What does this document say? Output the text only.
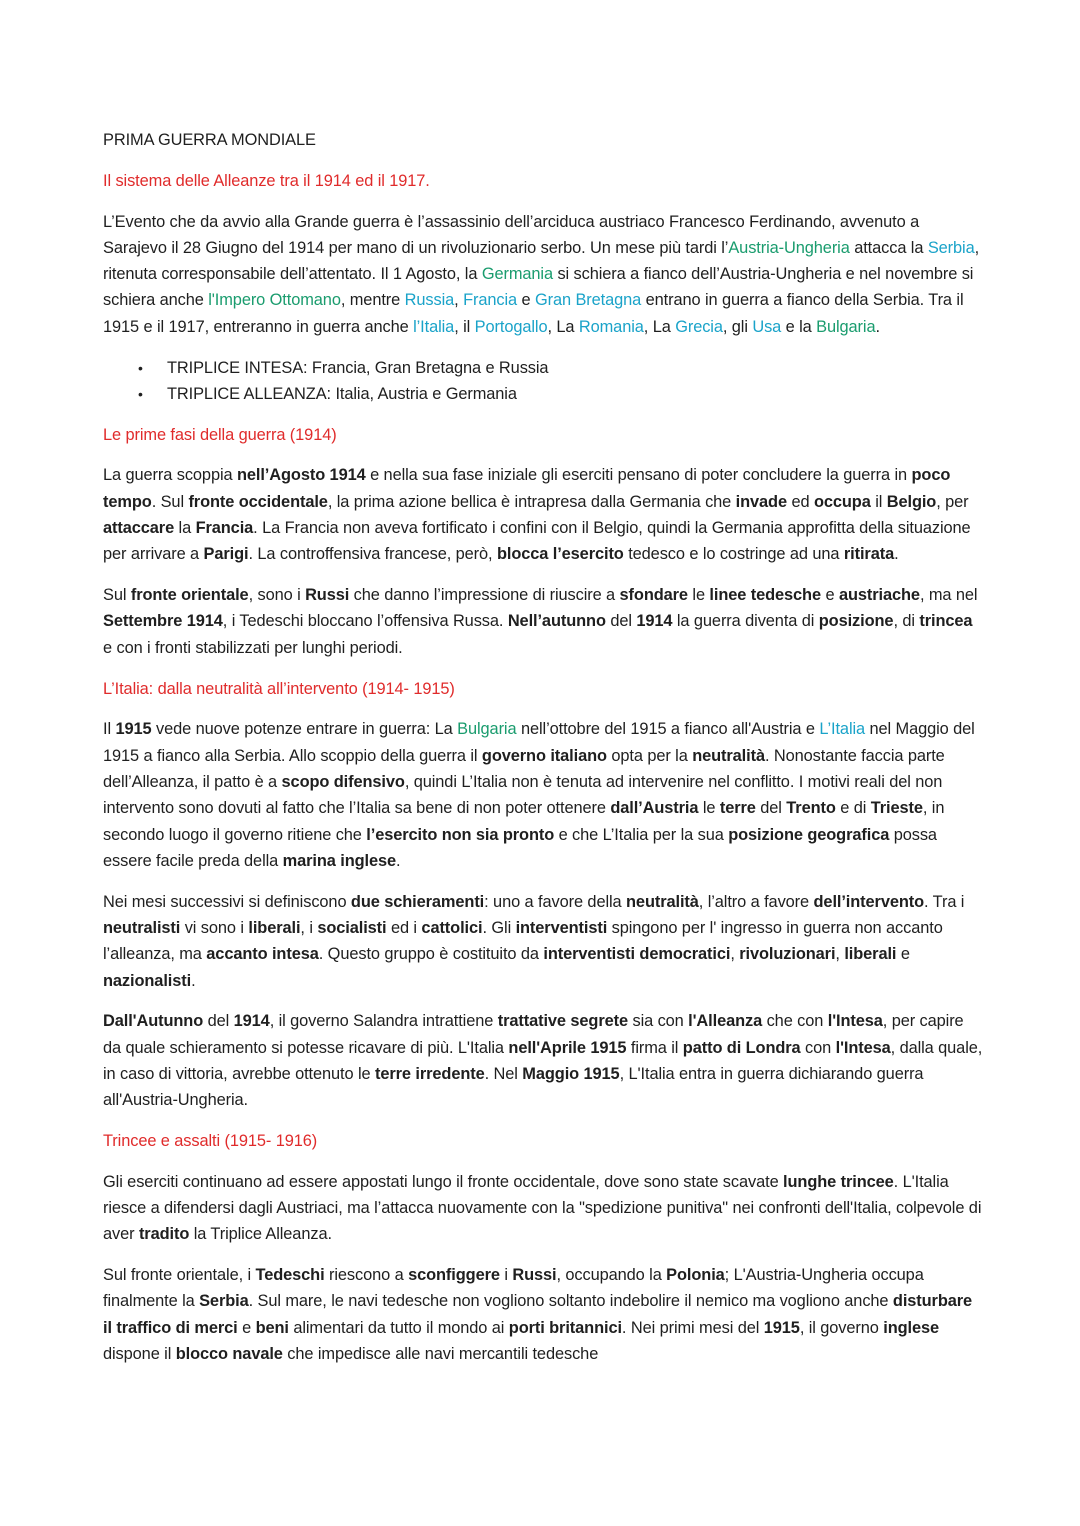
PRIMA GUERRA MONDIALE

Il sistema delle Alleanze tra il 1914 ed il 1917.

L’Evento che da avvio alla Grande guerra è l’assassinio dell’arciduca austriaco Francesco Ferdinando, avvenuto a Sarajevo il 28 Giugno del 1914 per mano di un rivoluzionario serbo. Un mese più tardi l’Austria-Ungheria attacca la Serbia, ritenuta corresponsabile dell’attentato. Il 1 Agosto, la Germania si schiera a fianco dell’Austria-Ungheria e nel novembre si schiera anche l'Impero Ottomano, mentre Russia, Francia e Gran Bretagna entrano in guerra a fianco della Serbia. Tra il 1915 e il 1917, entreranno in guerra anche l’Italia, il Portogallo, La Romania, La Grecia, gli Usa e la Bulgaria.

• TRIPLICE INTESA: Francia, Gran Bretagna e Russia
• TRIPLICE ALLEANZA: Italia, Austria e Germania

Le prime fasi della guerra (1914)

La guerra scoppia nell’Agosto 1914 e nella sua fase iniziale gli eserciti pensano di poter concludere la guerra in poco tempo. Sul fronte occidentale, la prima azione bellica è intrapresa dalla Germania che invade ed occupa il Belgio, per attaccare la Francia. La Francia non aveva fortificato i confini con il Belgio, quindi la Germania approfitta della situazione per arrivare a Parigi. La controffensiva francese, però, blocca l’esercito tedesco e lo costringe ad una ritirata.

Sul fronte orientale, sono i Russi che danno l’impressione di riuscire a sfondare le linee tedesche e austriache, ma nel Settembre 1914, i Tedeschi bloccano l’offensiva Russa. Nell’autunno del 1914 la guerra diventa di posizione, di trincea e con i fronti stabilizzati per lunghi periodi.

L’Italia: dalla neutralità all’intervento (1914- 1915)

Il 1915 vede nuove potenze entrare in guerra: La Bulgaria nell’ottobre del 1915 a fianco all'Austria e L’Italia nel Maggio del 1915 a fianco alla Serbia. Allo scoppio della guerra il governo italiano opta per la neutralità. Nonostante faccia parte dell’Alleanza, il patto è a scopo difensivo, quindi L’Italia non è tenuta ad intervenire nel conflitto. I motivi reali del non intervento sono dovuti al fatto che l’Italia sa bene di non poter ottenere dall’Austria le terre del Trento e di Trieste, in secondo luogo il governo ritiene che l’esercito non sia pronto e che L’Italia per la sua posizione geografica possa essere facile preda della marina inglese.

Nei mesi successivi si definiscono due schieramenti: uno a favore della neutralità, l’altro a favore dell’intervento. Tra i neutralisti vi sono i liberali, i socialisti ed i cattolici. Gli interventisti spingono per l' ingresso in guerra non accanto l’alleanza, ma accanto intesa. Questo gruppo è costituito da interventisti democratici, rivoluzionari, liberali e nazionalisti.

Dall'Autunno del 1914, il governo Salandra intrattiene trattative segrete sia con l'Alleanza che con l'Intesa, per capire da quale schieramento si potesse ricavare di più. L'Italia nell'Aprile 1915 firma il patto di Londra con l'Intesa, dalla quale, in caso di vittoria, avrebbe ottenuto le terre irredente. Nel Maggio 1915, L'Italia entra in guerra dichiarando guerra all'Austria-Ungheria.

Trincee e assalti (1915- 1916)

Gli eserciti continuano ad essere appostati lungo il fronte occidentale, dove sono state scavate lunghe trincee. L'Italia riesce a difendersi dagli Austriaci, ma l’attacca nuovamente con la "spedizione punitiva" nei confronti dell'Italia, colpevole di aver tradito la Triplice Alleanza.

Sul fronte orientale, i Tedeschi riescono a sconfiggere i Russi, occupando la Polonia; L'Austria-Ungheria occupa finalmente la Serbia. Sul mare, le navi tedesche non vogliono soltanto indebolire il nemico ma vogliono anche disturbare il traffico di merci e beni alimentari da tutto il mondo ai porti britannici. Nei primi mesi del 1915, il governo inglese dispone il blocco navale che impedisce alle navi mercantili tedesche
